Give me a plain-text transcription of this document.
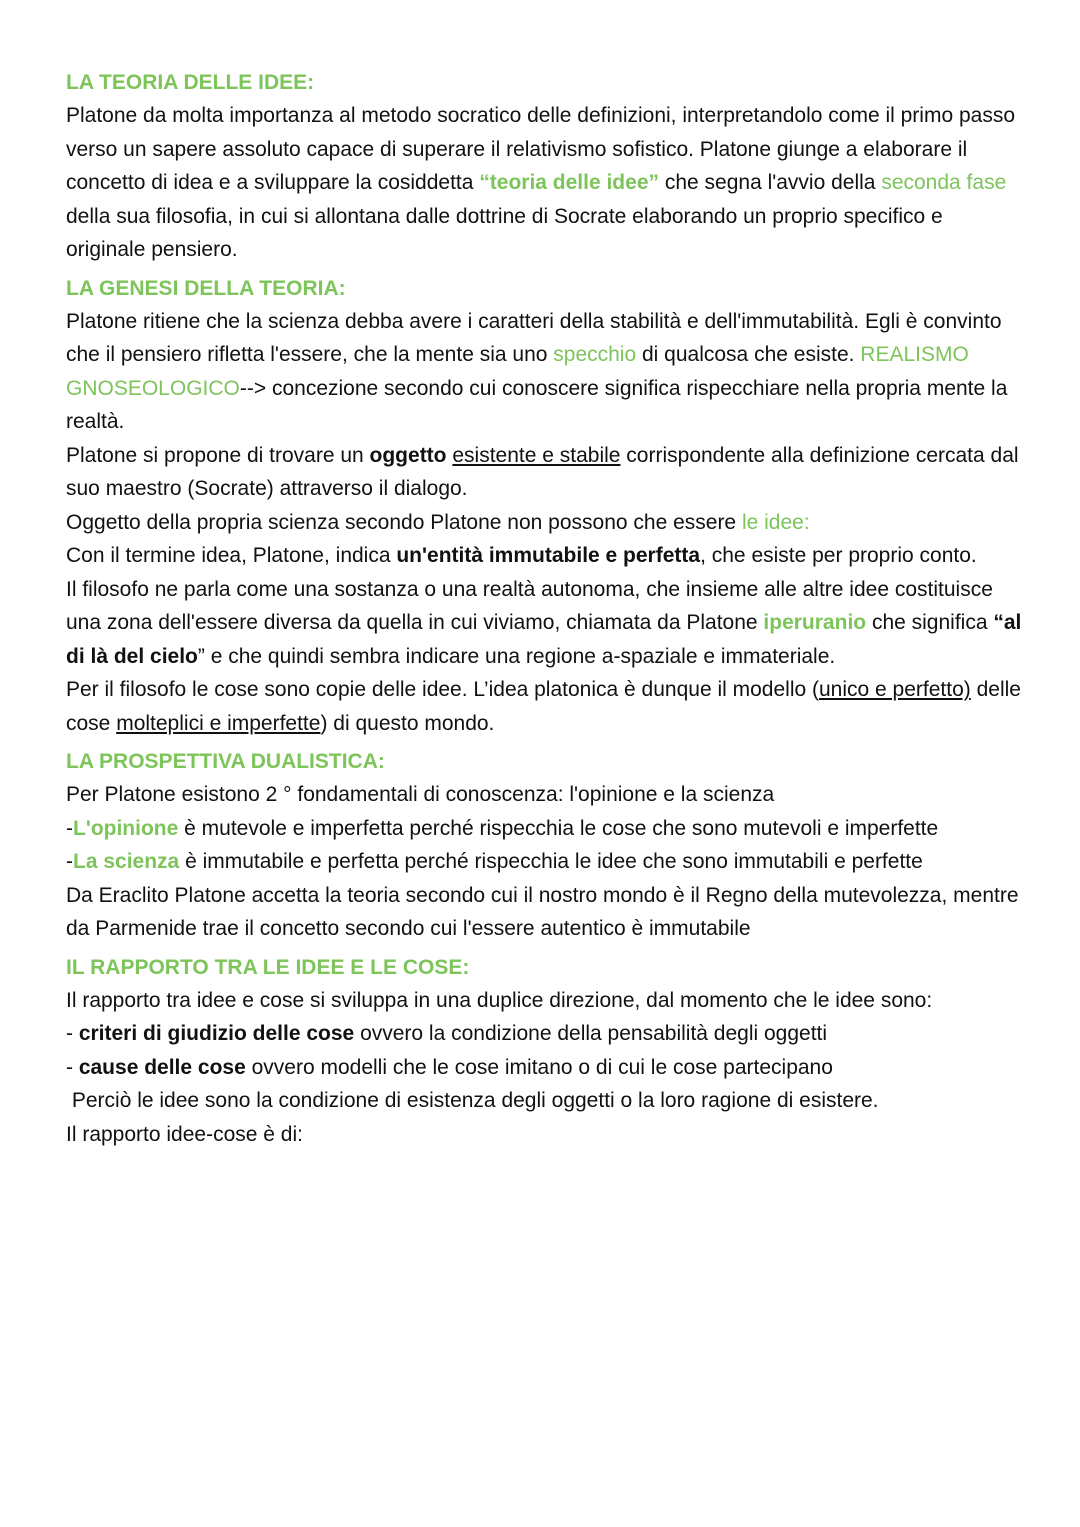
LA TEORIA DELLE IDEE:

Platone da molta importanza al metodo socratico delle definizioni, interpretandolo come il primo passo verso un sapere assoluto capace di superare il relativismo sofistico. Platone giunge a elaborare il concetto di idea e a sviluppare la cosiddetta “teoria delle idee” che segna l'avvio della seconda fase della sua filosofia, in cui si allontana dalle dottrine di Socrate elaborando un proprio specifico e originale pensiero.

LA GENESI DELLA TEORIA:

Platone ritiene che la scienza debba avere i caratteri della stabilità e dell'immutabilità. Egli è convinto che il pensiero rifletta l'essere, che la mente sia uno specchio di qualcosa che esiste. REALISMO GNOSEOLOGICO--> concezione secondo cui conoscere significa rispecchiare nella propria mente la realtà.

Platone si propone di trovare un oggetto esistente e stabile corrispondente alla definizione cercata dal suo maestro (Socrate) attraverso il dialogo.

Oggetto della propria scienza secondo Platone non possono che essere le idee:

Con il termine idea, Platone, indica un'entità immutabile e perfetta, che esiste per proprio conto.

Il filosofo ne parla come una sostanza o una realtà autonoma, che insieme alle altre idee costituisce una zona dell'essere diversa da quella in cui viviamo, chiamata da Platone iperuranio che significa “al di là del cielo” e che quindi sembra indicare una regione a-spaziale e immateriale.

Per il filosofo le cose sono copie delle idee. L’idea platonica è dunque il modello (unico e perfetto) delle cose molteplici e imperfette) di questo mondo.

LA PROSPETTIVA DUALISTICA:

Per Platone esistono 2 ° fondamentali di conoscenza: l'opinione e la scienza

-L'opinione è mutevole e imperfetta perché rispecchia le cose che sono mutevoli e imperfette

-La scienza è immutabile e perfetta perché rispecchia le idee che sono immutabili e perfette

Da Eraclito Platone accetta la teoria secondo cui il nostro mondo è il Regno della mutevolezza, mentre da Parmenide trae il concetto secondo cui l'essere autentico è immutabile

IL RAPPORTO TRA LE IDEE E LE COSE:

Il rapporto tra idee e cose si sviluppa in una duplice direzione, dal momento che le idee sono:

- criteri di giudizio delle cose ovvero la condizione della pensabilità degli oggetti

- cause delle cose ovvero modelli che le cose imitano o di cui le cose partecipano

Perciò le idee sono la condizione di esistenza degli oggetti o la loro ragione di esistere.

Il rapporto idee-cose è di:
